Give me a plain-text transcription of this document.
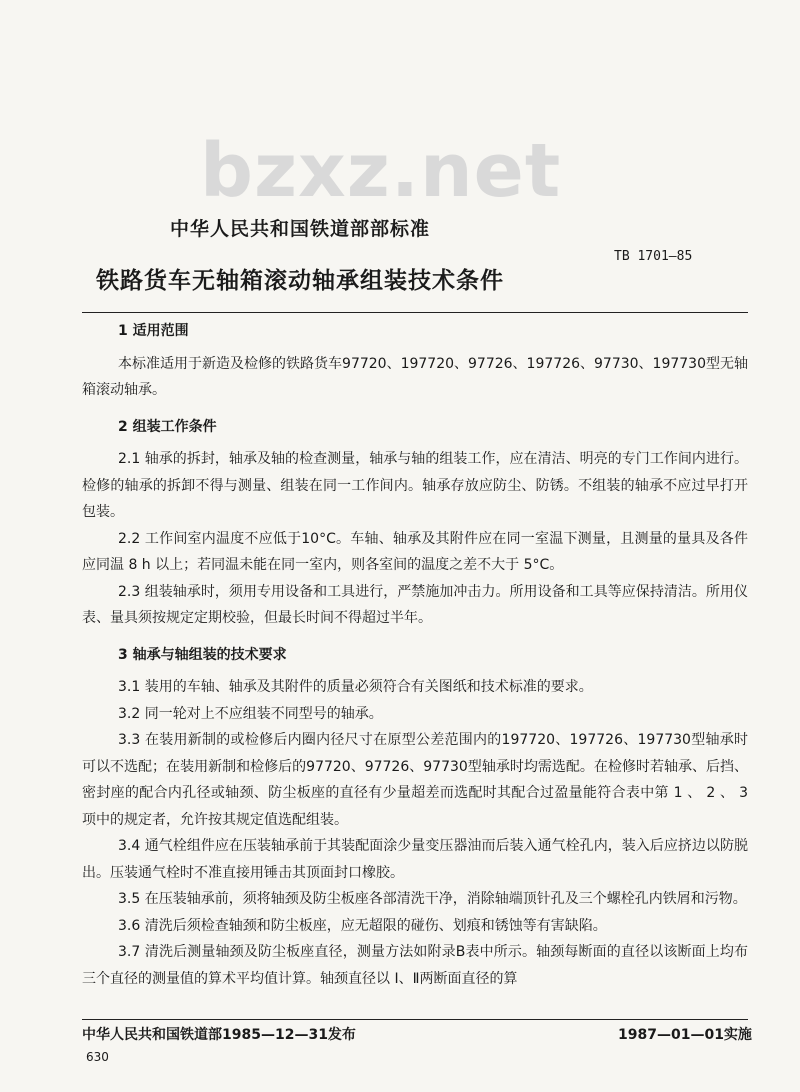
bzxz.net
中华人民共和国铁道部部标准
TB 1701—85
铁路货车无轴箱滚动轴承组装技术条件

1 适用范围

本标准适用于新造及检修的铁路货车97720、197720、97726、197726、97730、197730型无轴箱滚动轴承。

2 组装工作条件

2.1 轴承的拆封，轴承及轴的检查测量，轴承与轴的组装工作，应在清洁、明亮的专门工作间内进行。检修的轴承的拆卸不得与测量、组装在同一工作间内。轴承存放应防尘、防锈。不组装的轴承不应过早打开包装。

2.2 工作间室内温度不应低于10°C。车轴、轴承及其附件应在同一室温下测量，且测量的量具及各件应同温 8 h 以上；若同温未能在同一室内，则各室间的温度之差不大于 5°C。

2.3 组装轴承时，须用专用设备和工具进行，严禁施加冲击力。所用设备和工具等应保持清洁。所用仪表、量具须按规定定期校验，但最长时间不得超过半年。

3 轴承与轴组装的技术要求

3.1 装用的车轴、轴承及其附件的质量必须符合有关图纸和技术标准的要求。

3.2 同一轮对上不应组装不同型号的轴承。

3.3 在装用新制的或检修后内圈内径尺寸在原型公差范围内的197720、197726、197730型轴承时可以不选配；在装用新制和检修后的97720、97726、97730型轴承时均需选配。在检修时若轴承、后挡、密封座的配合内孔径或轴颈、防尘板座的直径有少量超差而选配时其配合过盈量能符合表中第 1 、 2 、 3 项中的规定者，允许按其规定值选配组装。

3.4 通气栓组件应在压装轴承前于其装配面涂少量变压器油而后装入通气栓孔内，装入后应挤边以防脱出。压装通气栓时不准直接用锤击其顶面封口橡胶。

3.5 在压装轴承前，须将轴颈及防尘板座各部清洗干净，消除轴端顶针孔及三个螺栓孔内铁屑和污物。

3.6 清洗后须检查轴颈和防尘板座，应无超限的碰伤、划痕和锈蚀等有害缺陷。

3.7 清洗后测量轴颈及防尘板座直径，测量方法如附录B表中所示。轴颈每断面的直径以该断面上均布三个直径的测量值的算术平均值计算。轴颈直径以 Ⅰ、Ⅱ两断面直径的算

中华人民共和国铁道部1985—12—31发布	1987—01—01实施
630
